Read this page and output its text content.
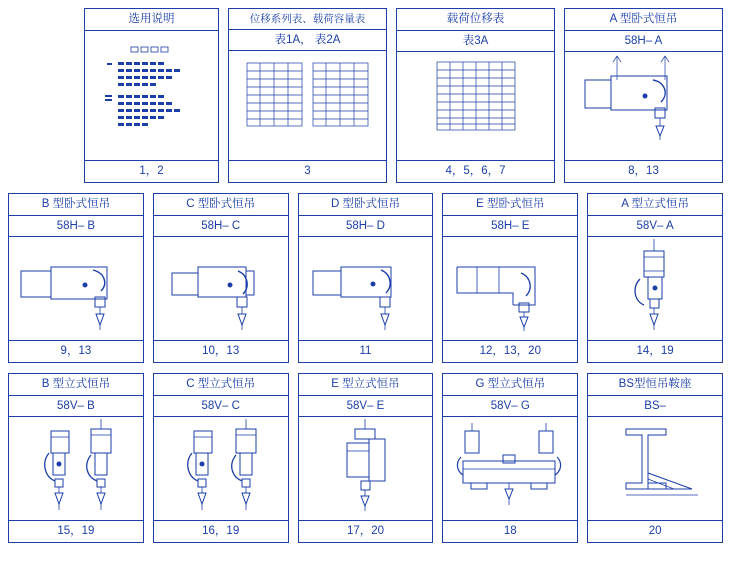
选用说明
1，2
位移系列表、载荷容量表
表1A， 表2A
3
载荷位移表
表3A
4，5，6，7
A 型卧式恒吊
58H– A
8，13
B 型卧式恒吊
58H– B
9，13
C 型卧式恒吊
58H– C
10，13
D 型卧式恒吊
58H– D
11
E 型卧式恒吊
58H– E
12，13，20
A 型立式恒吊
58V– A
14，19
B 型立式恒吊
58V– B
15，19
C 型立式恒吊
58V– C
16，19
E 型立式恒吊
58V– E
17，20
G 型立式恒吊
58V– G
18
BS型恒吊鞍座
BS–
20
